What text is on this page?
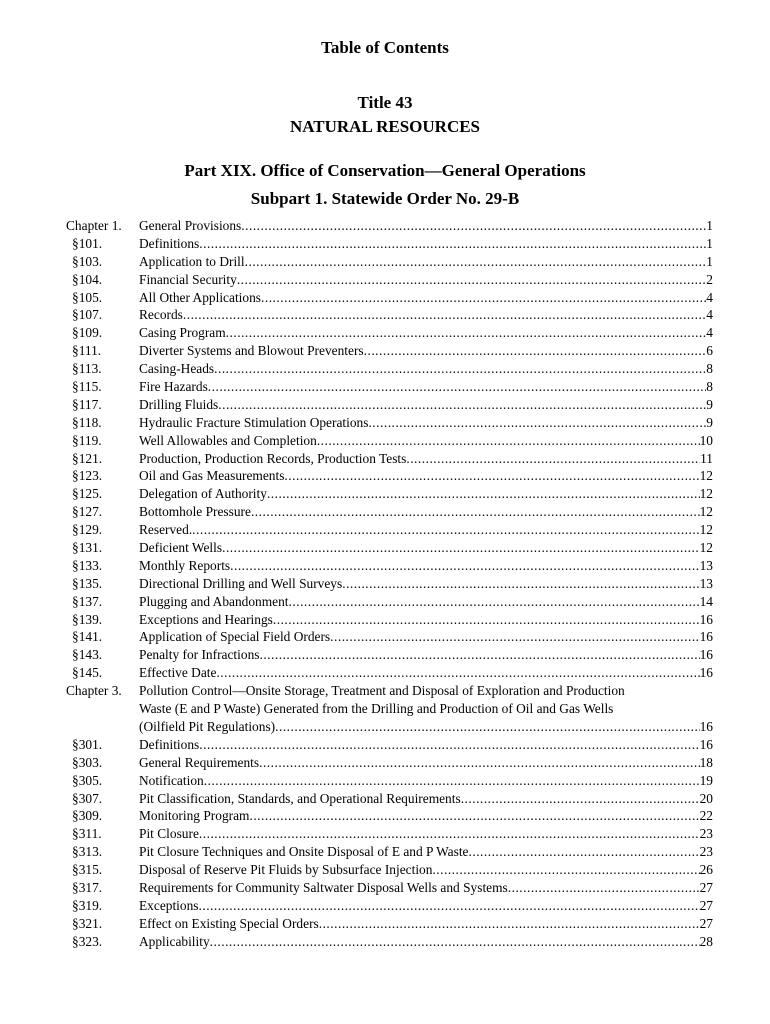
Table of Contents
Title 43
NATURAL RESOURCES
Part XIX. Office of Conservation—General Operations
Subpart 1. Statewide Order No. 29-B
Chapter 1. General Provisions .....	1
§101.	Definitions .....	1
§103.	Application to Drill .....	1
§104.	Financial Security .....	2
§105.	All Other Applications .....	4
§107.	Records .....	4
§109.	Casing Program .....	4
§111.	Diverter Systems and Blowout Preventers .....	6
§113.	Casing-Heads .....	8
§115.	Fire Hazards .....	8
§117.	Drilling Fluids .....	9
§118.	Hydraulic Fracture Stimulation Operations .....	9
§119.	Well Allowables and Completion .....	10
§121.	Production, Production Records, Production Tests .....	11
§123.	Oil and Gas Measurements .....	12
§125.	Delegation of Authority .....	12
§127.	Bottomhole Pressure .....	12
§129.	Reserved. .....	12
§131.	Deficient Wells .....	12
§133.	Monthly Reports .....	13
§135.	Directional Drilling and Well Surveys .....	13
§137.	Plugging and Abandonment .....	14
§139.	Exceptions and Hearings .....	16
§141.	Application of Special Field Orders .....	16
§143.	Penalty for Infractions .....	16
§145.	Effective Date .....	16
Chapter 3. Pollution Control—Onsite Storage, Treatment and Disposal of Exploration and Production
Waste (E and P Waste) Generated from the Drilling and Production of Oil and Gas Wells
(Oilfield Pit Regulations) .....	16
§301.	Definitions .....	16
§303.	General Requirements .....	18
§305.	Notification .....	19
§307.	Pit Classification, Standards, and Operational Requirements .....	20
§309.	Monitoring Program .....	22
§311.	Pit Closure .....	23
§313.	Pit Closure Techniques and Onsite Disposal of E and P Waste .....	23
§315.	Disposal of Reserve Pit Fluids by Subsurface Injection .....	26
§317.	Requirements for Community Saltwater Disposal Wells and Systems .....	27
§319.	Exceptions .....	27
§321.	Effect on Existing Special Orders .....	27
§323.	Applicability .....	28
